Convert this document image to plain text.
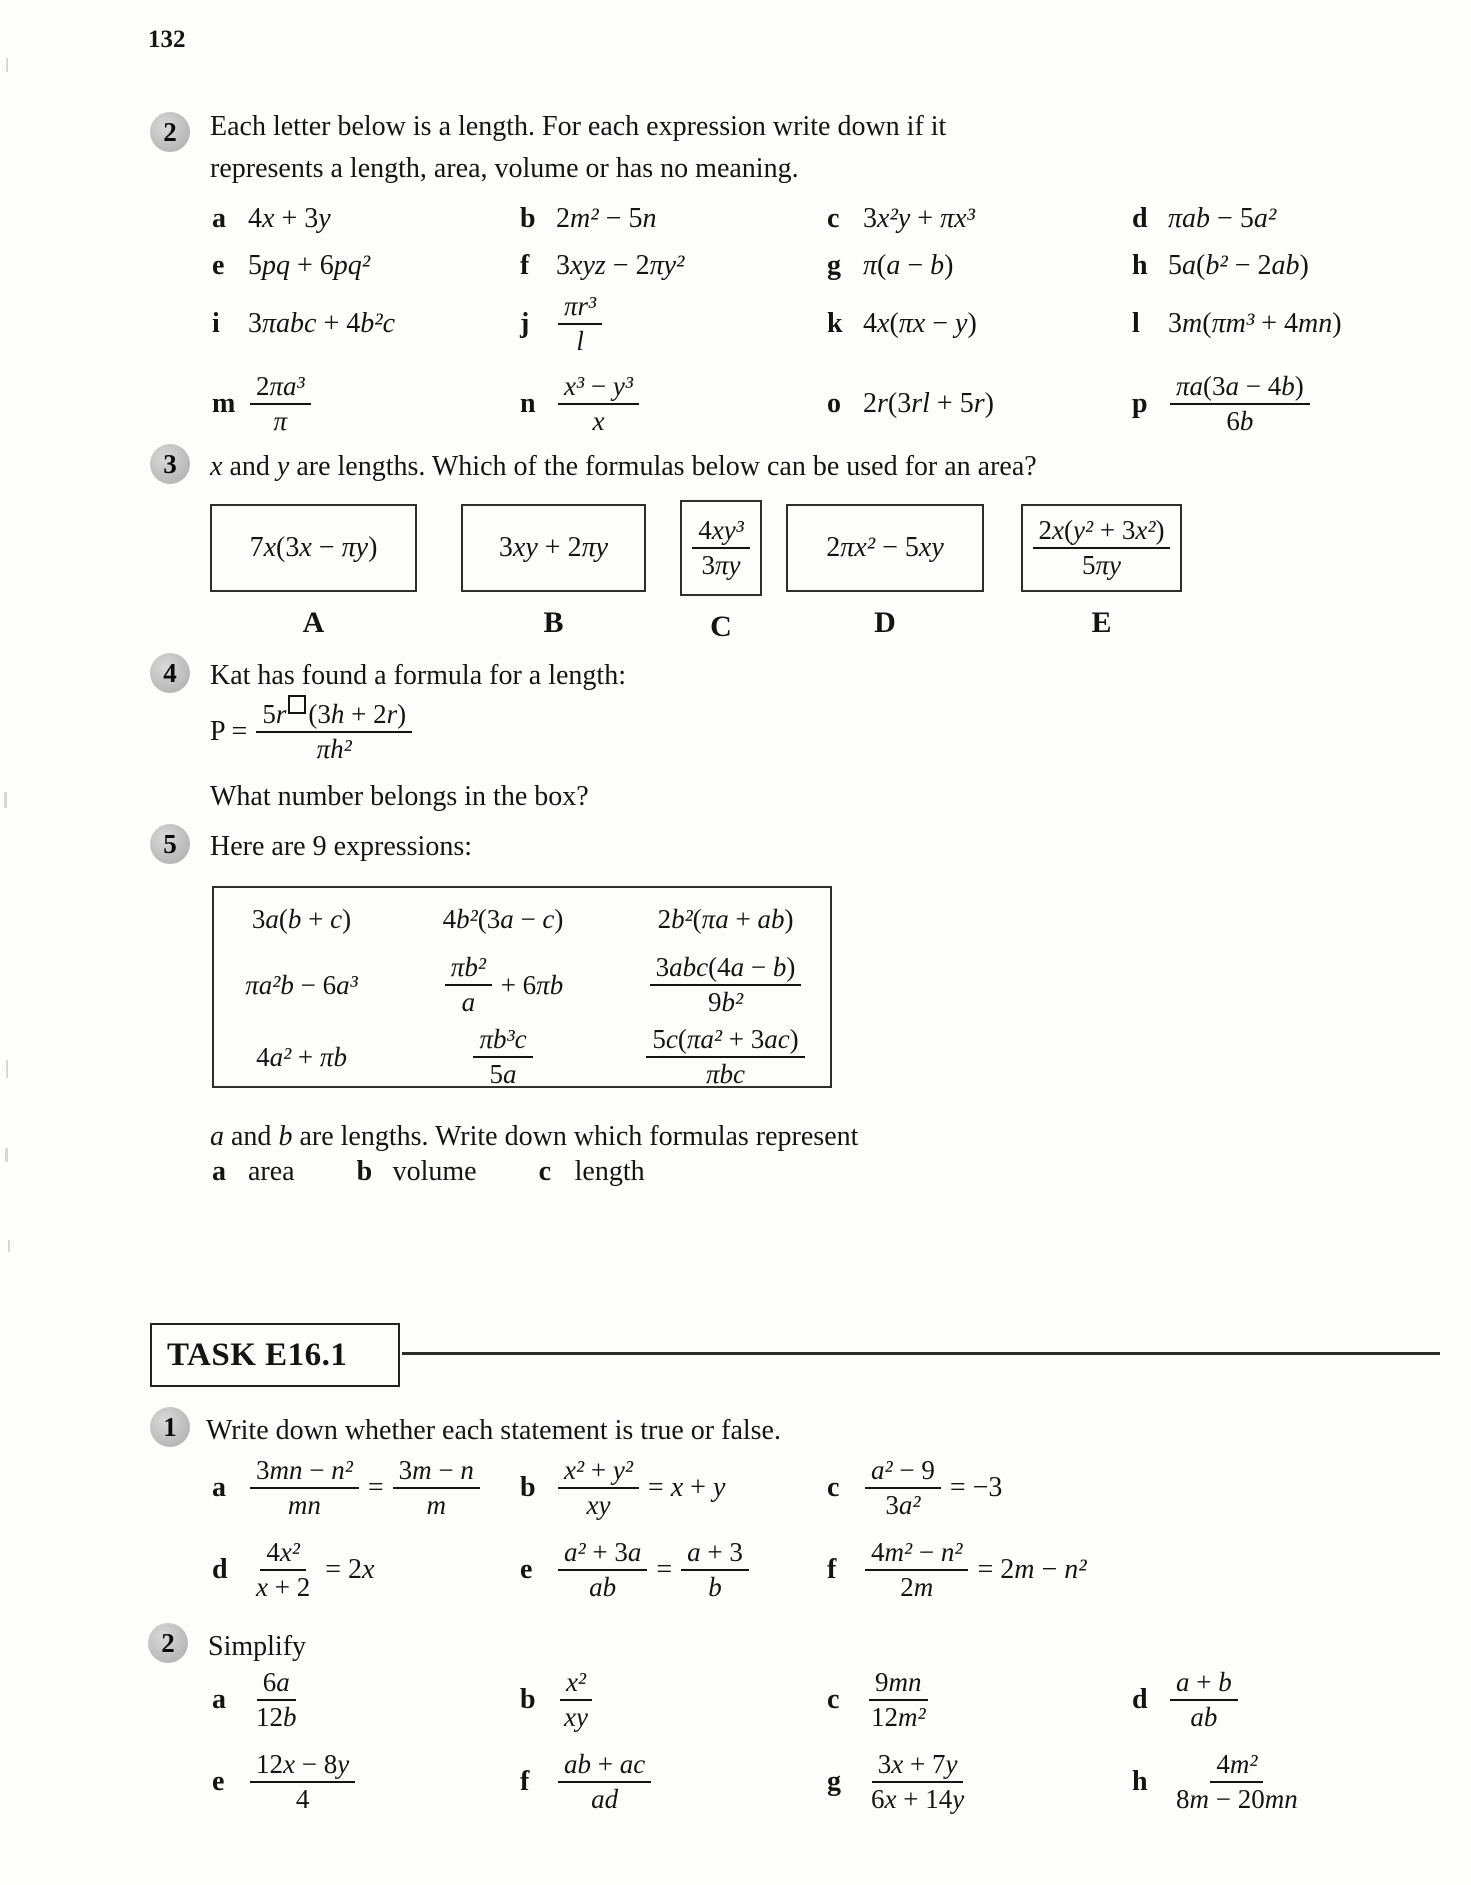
132
2	Each letter below is a length. For each expression write down if it
represents a length, area, volume or has no meaning.
a 4x + 3y	b 2m² − 5n	c 3x²y + πx³	d πab − 5a²
e 5pq + 6pq²	f 3xyz − 2πy²	g π(a − b)	h 5a(b² − 2ab)
i	3πabc + 4b²c	j	$\frac{\text{πr³}}{l}$	k 4x(πx − y)	l	3m(πm³ + 4mn)
m $\frac{\text{2πa³}}{\pi}$	n $\frac{\text{x³ − y³}}{x}$	o 2r(3rl + 5r)	p $\frac{\pi a(3a - 4b)}{6b}$
3	x and y are lengths. Which of the formulas below can be used for an area?
7x(3x − πy)
A
3xy + 2πy
B
$\frac{\text{4xy³}}{3\pi y}$
C
2πx² − 5xy
D
$\frac{\text{2x(y² + 3x²)}}{5\pi y}$
E
4	Kat has found a formula for a length:
$P = \frac{5r (3h + 2r)}{\text{πh²}}$
What number belongs in the box?
5	Here are 9 expressions:
3a(b + c)	4b²(3a − c)	2b²(πa + ab)
πa²b − 6a³	$\frac{\text{πb²}}{a} + 6\pi b$	$\frac{\text{3abc(4a − b)}}{\text{9b²}}$
4a² + πb	$\frac{\text{πb³c}}{5a}$	$\frac{\text{5c(πa² + 3ac)}}{\text{πbc}}$
a and b are lengths. Write down which formulas represent
a area b volume c length
TASK E16.1
1	Write down whether each statement is true or false.
a $\frac{\text{3mn − n²}}{mn} = \frac{3m - n}{m}$ b $\frac{\text{x² + y²}}{xy} = x + y$	c $\frac{\text{a² − 9}}{\text{3a²}} = -3$
d $\frac{\text{4x²}}{x + 2} = 2x$	e $\frac{\text{a² + 3a}}{ab} = \frac{a + 3}{b}$	f	$\frac{\text{4m² − n²}}{2m} = 2m - n^2$
2	Simplify
a $\frac{6a}{12b}$	b $\frac{\text{x²}}{xy}$	c $\frac{9mn}{\text{12m²}}$	d $\frac{a + b}{ab}$
e $\frac{12x - 8y}{4}$	f	$\frac{ab + ac}{ad}$	g $\frac{3x + 7y}{6x + 14y}$	h $\frac{\text{4m²}}{8m - 20mn}$
